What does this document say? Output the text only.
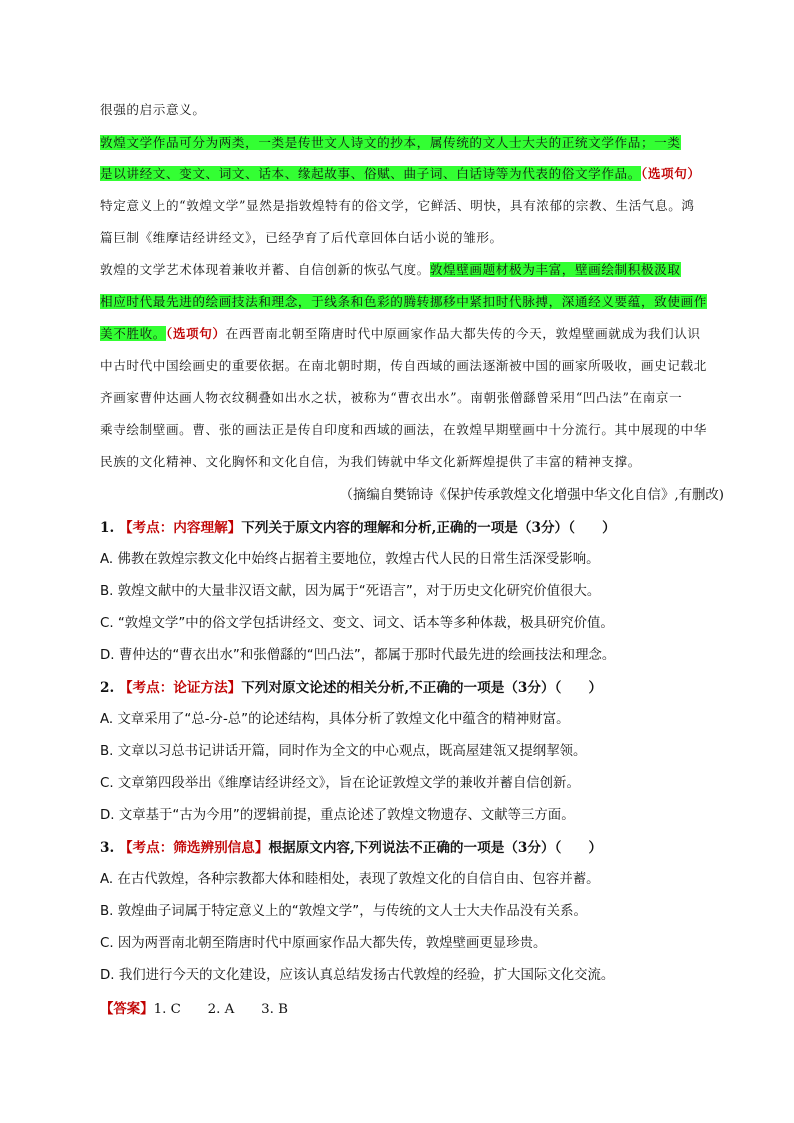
很强的启示意义。
敦煌文学作品可分为两类，一类是传世文人诗文的抄本，属传统的文人士大夫的正统文学作品；一类
是以讲经文、变文、词文、话本、缘起故事、俗赋、曲子词、白话诗等为代表的俗文学作品。（选项句）
特定意义上的“敦煌文学”显然是指敦煌特有的俗文学，它鲜活、明快，具有浓郁的宗教、生活气息。鸿
篇巨制《维摩诘经讲经文》，已经孕育了后代章回体白话小说的雏形。
敦煌的文学艺术体现着兼收并蓄、自信创新的恢弘气度。敦煌壁画题材极为丰富，壁画绘制积极汲取
相应时代最先进的绘画技法和理念，于线条和色彩的腾转挪移中紧扣时代脉搏，深通经义要蕴，致使画作
美不胜收。（选项句）在西晋南北朝至隋唐时代中原画家作品大都失传的今天，敦煌壁画就成为我们认识
中古时代中国绘画史的重要依据。在南北朝时期，传自西域的画法逐渐被中国的画家所吸收，画史记载北
齐画家曹仲达画人物衣纹稠叠如出水之状，被称为“曹衣出水”。南朝张僧繇曾采用“凹凸法”在南京一
乘寺绘制壁画。曹、张的画法正是传自印度和西域的画法，在敦煌早期壁画中十分流行。其中展现的中华
民族的文化精神、文化胸怀和文化自信，为我们铸就中华文化新辉煌提供了丰富的精神支撑。
（摘编自樊锦诗《保护传承敦煌文化增强中华文化自信》,有删改)
1. 【考点：内容理解】下列关于原文内容的理解和分析,正确的一项是（3分）（　　）
A. 佛教在敦煌宗教文化中始终占据着主要地位，敦煌古代人民的日常生活深受影响。
B. 敦煌文献中的大量非汉语文献，因为属于“死语言”，对于历史文化研究价值很大。
C. “敦煌文学”中的俗文学包括讲经文、变文、词文、话本等多种体裁，极具研究价值。
D. 曹仲达的“曹衣出水”和张僧繇的“凹凸法”，都属于那时代最先进的绘画技法和理念。
2. 【考点：论证方法】下列对原文论述的相关分析,不正确的一项是（3分）（　　）
A. 文章采用了“总-分-总”的论述结构，具体分析了敦煌文化中蕴含的精神财富。
B. 文章以习总书记讲话开篇，同时作为全文的中心观点，既高屋建瓴又提纲挈领。
C. 文章第四段举出《维摩诘经讲经文》，旨在论证敦煌文学的兼收并蓄自信创新。
D. 文章基于“古为今用”的逻辑前提，重点论述了敦煌文物遗存、文献等三方面。
3. 【考点：筛选辨别信息】根据原文内容,下列说法不正确的一项是（3分）（　　）
A. 在古代敦煌，各种宗教都大体和睦相处，表现了敦煌文化的自信自由、包容并蓄。
B. 敦煌曲子词属于特定意义上的“敦煌文学”，与传统的文人士大夫作品没有关系。
C. 因为两晋南北朝至隋唐时代中原画家作品大都失传，敦煌壁画更显珍贵。
D. 我们进行今天的文化建设，应该认真总结发扬古代敦煌的经验，扩大国际文化交流。
【答案】1. C　　2. A　　3. B
